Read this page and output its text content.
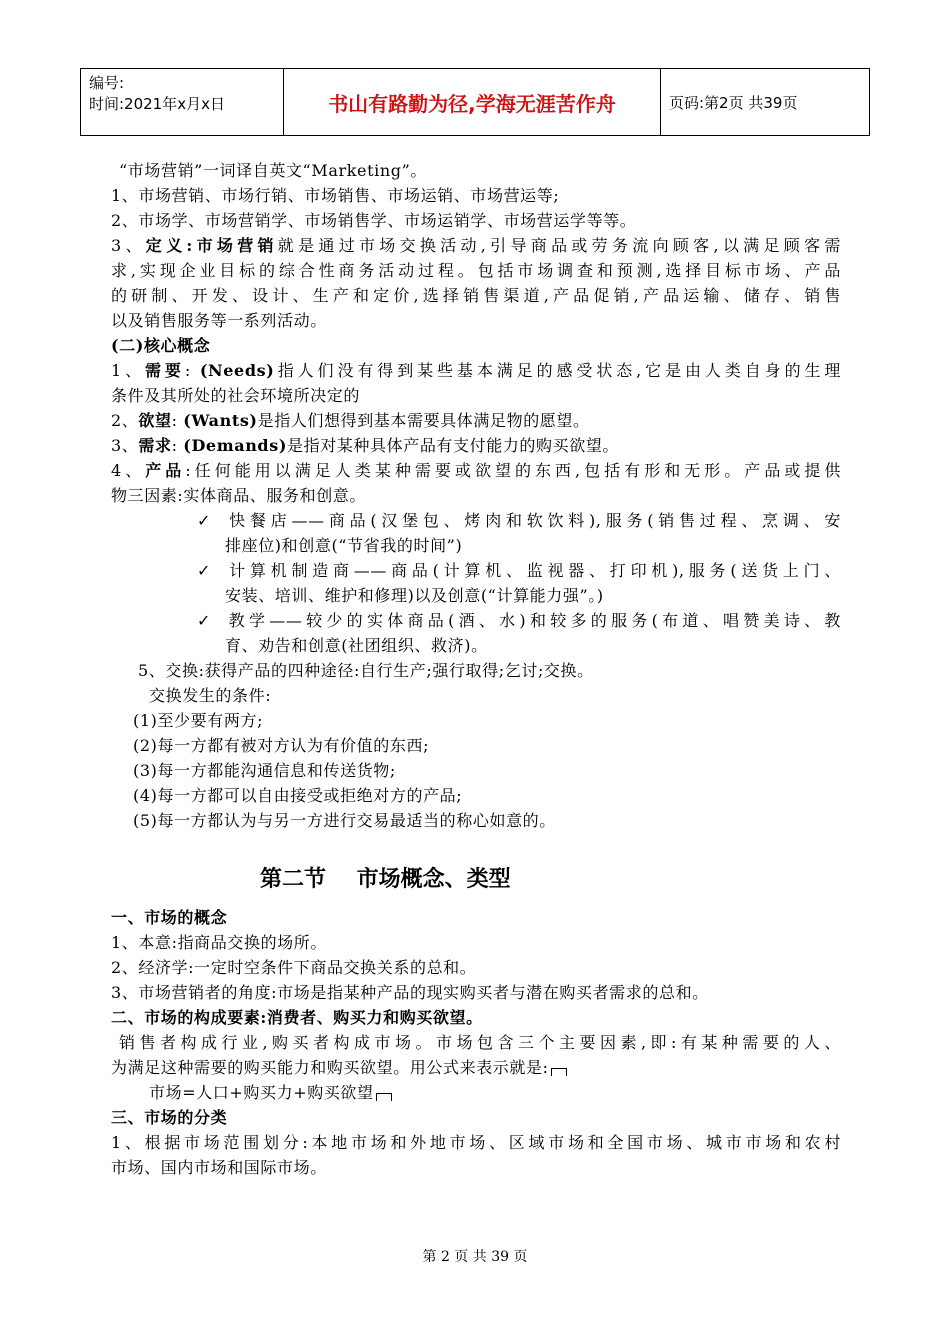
编号:
时间:2021年x月x日	书山有路勤为径,学海无涯苦作舟	页码:第2页 共39页
“市场营销”一词译自英文“Marketing”。
1、市场营销、市场行销、市场销售、市场运销、市场营运等;
2、市场学、市场营销学、市场销售学、市场运销学、市场营运学等等。
3、定义:市场营销就是通过市场交换活动,引导商品或劳务流向顾客,以满足顾客需
求,实现企业目标的综合性商务活动过程。包括市场调查和预测,选择目标市场、产品
的研制、开发、设计、生产和定价,选择销售渠道,产品促销,产品运输、储存、销售
以及销售服务等一系列活动。
(二)核心概念
1、需要: (Needs)指人们没有得到某些基本满足的感受状态,它是由人类自身的生理
条件及其所处的社会环境所决定的
2、欲望: (Wants)是指人们想得到基本需要具体满足物的愿望。
3、需求: (Demands)是指对某种具体产品有支付能力的购买欲望。
4、产品:任何能用以满足人类某种需要或欲望的东西,包括有形和无形。产品或提供
物三因素:实体商品、服务和创意。
✓ 快餐店——商品(汉堡包、烤肉和软饮料),服务(销售过程、烹调、安
排座位)和创意(“节省我的时间”)
✓ 计算机制造商——商品(计算机、监视器、打印机),服务(送货上门、
安装、培训、维护和修理)以及创意(“计算能力强”。)
✓ 教学——较少的实体商品(酒、水)和较多的服务(布道、唱赞美诗、教
育、劝告和创意(社团组织、救济)。
5、交换:获得产品的四种途径:自行生产;强行取得;乞讨;交换。
交换发生的条件:
(1)至少要有两方;
(2)每一方都有被对方认为有价值的东西;
(3)每一方都能沟通信息和传送货物;
(4)每一方都可以自由接受或拒绝对方的产品;
(5)每一方都认为与另一方进行交易最适当的称心如意的。
第二节    市场概念、类型
一、市场的概念
1、本意:指商品交换的场所。
2、经济学:一定时空条件下商品交换关系的总和。
3、市场营销者的角度:市场是指某种产品的现实购买者与潜在购买者需求的总和。
二、市场的构成要素:消费者、购买力和购买欲望。
销售者构成行业,购买者构成市场。市场包含三个主要因素,即:有某种需要的人、
为满足这种需要的购买能力和购买欲望。用公式来表示就是:
市场=人口+购买力+购买欲望
三、市场的分类
1、根据市场范围划分:本地市场和外地市场、区域市场和全国市场、城市市场和农村
市场、国内市场和国际市场。
第 2 页 共 39 页
